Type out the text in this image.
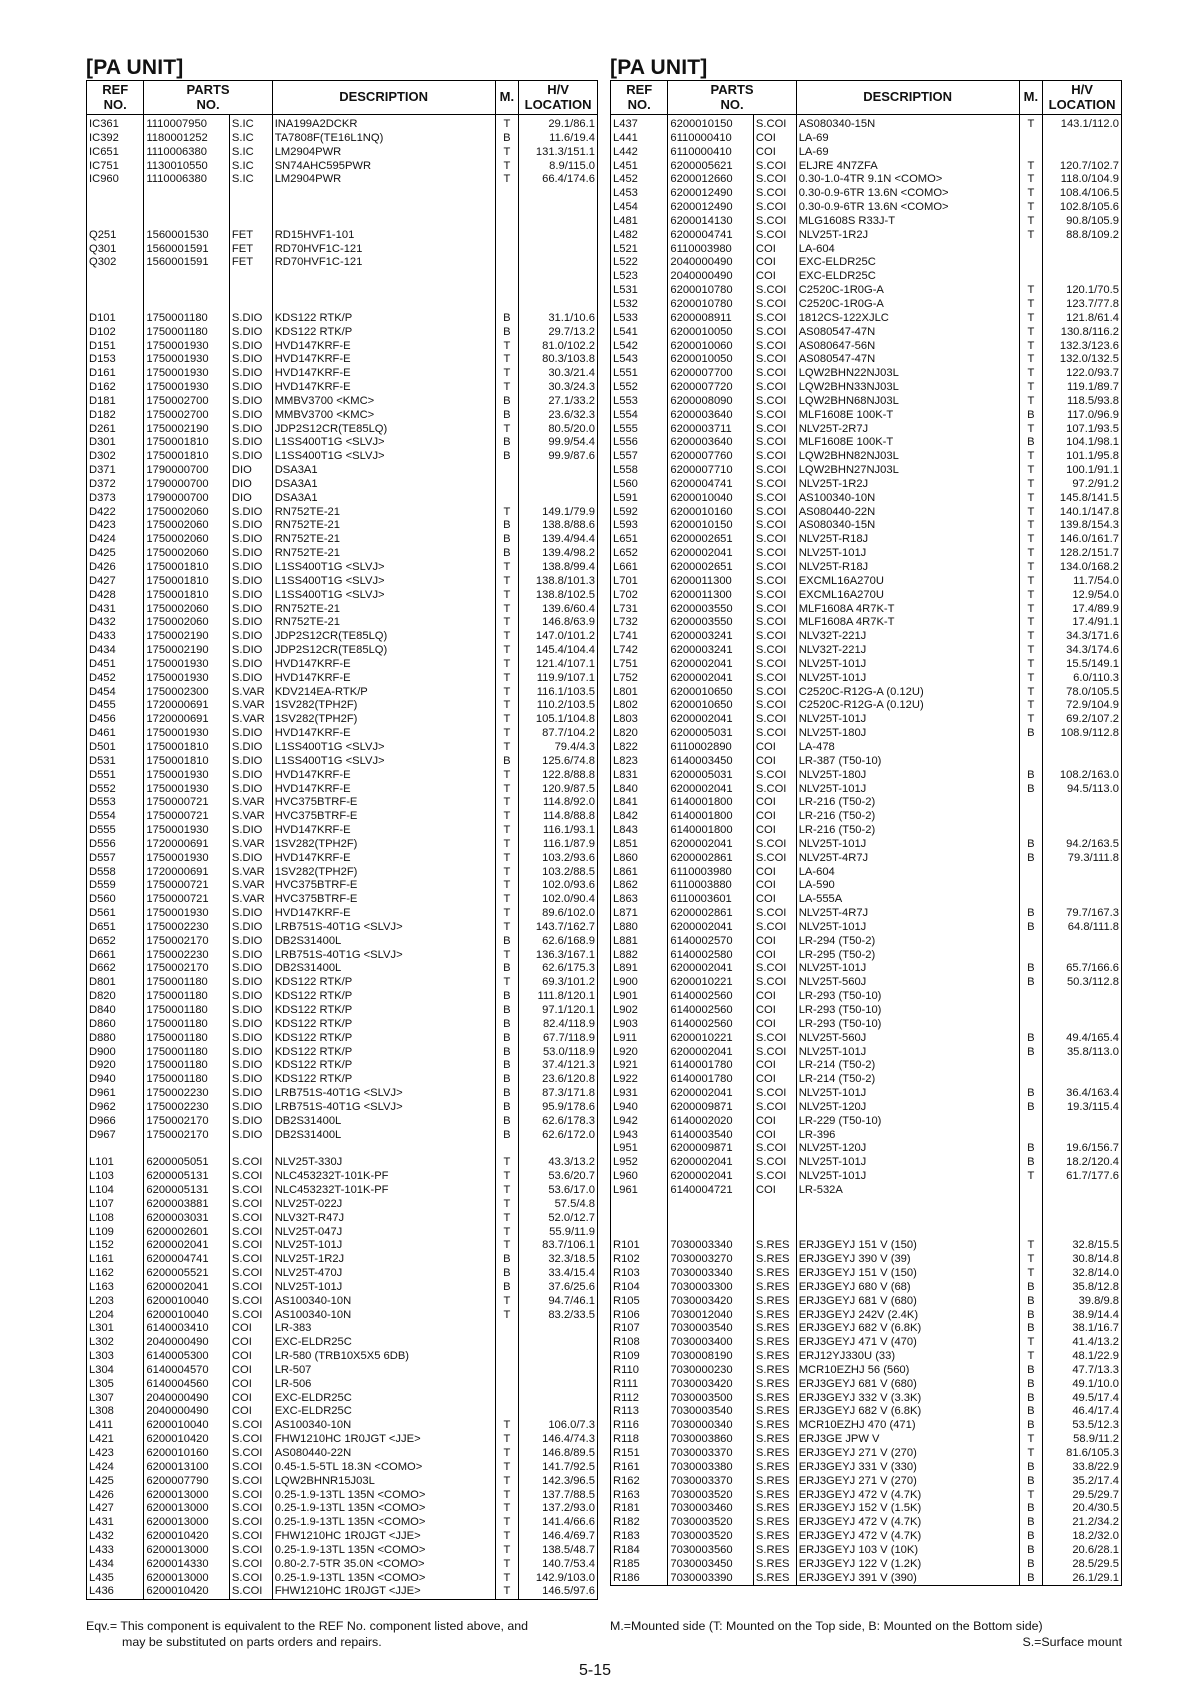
[PA UNIT]
REF
NO.	PARTS
NO.		DESCRIPTION	M.	H/V
LOCATION
IC361	1110007950	S.IC	INA199A2DCKR	T	29.1/86.1
IC392	1180001252	S.IC	TA7808F(TE16L1NQ)	B	11.6/19.4
IC651	1110006380	S.IC	LM2904PWR	T	131.3/151.1
IC751	1130010550	S.IC	SN74AHC595PWR	T	8.9/115.0
IC960	1110006380	S.IC	LM2904PWR	T	66.4/174.6

Q251	1560001530	FET	RD15HVF1-101		
Q301	1560001591	FET	RD70HVF1C-121		
Q302	1560001591	FET	RD70HVF1C-121		

D101	1750001180	S.DIO	KDS122 RTK/P	B	31.1/10.6
D102	1750001180	S.DIO	KDS122 RTK/P	B	29.7/13.2
D151	1750001930	S.DIO	HVD147KRF-E	T	81.0/102.2
D153	1750001930	S.DIO	HVD147KRF-E	T	80.3/103.8
D161	1750001930	S.DIO	HVD147KRF-E	T	30.3/21.4
D162	1750001930	S.DIO	HVD147KRF-E	T	30.3/24.3
D181	1750002700	S.DIO	MMBV3700 <KMC>	B	27.1/33.2
D182	1750002700	S.DIO	MMBV3700 <KMC>	B	23.6/32.3
D261	1750002190	S.DIO	JDP2S12CR(TE85LQ)	T	80.5/20.0
D301	1750001810	S.DIO	L1SS400T1G <SLVJ>	B	99.9/54.4
D302	1750001810	S.DIO	L1SS400T1G <SLVJ>	B	99.9/87.6
D371	1790000700	DIO	DSA3A1		
D372	1790000700	DIO	DSA3A1		
D373	1790000700	DIO	DSA3A1		
D422	1750002060	S.DIO	RN752TE-21	T	149.1/79.9
D423	1750002060	S.DIO	RN752TE-21	B	138.8/88.6
D424	1750002060	S.DIO	RN752TE-21	B	139.4/94.4
D425	1750002060	S.DIO	RN752TE-21	B	139.4/98.2
D426	1750001810	S.DIO	L1SS400T1G <SLVJ>	T	138.8/99.4
D427	1750001810	S.DIO	L1SS400T1G <SLVJ>	T	138.8/101.3
D428	1750001810	S.DIO	L1SS400T1G <SLVJ>	T	138.8/102.5
D431	1750002060	S.DIO	RN752TE-21	T	139.6/60.4
D432	1750002060	S.DIO	RN752TE-21	T	146.8/63.9
D433	1750002190	S.DIO	JDP2S12CR(TE85LQ)	T	147.0/101.2
D434	1750002190	S.DIO	JDP2S12CR(TE85LQ)	T	145.4/104.4
D451	1750001930	S.DIO	HVD147KRF-E	T	121.4/107.1
D452	1750001930	S.DIO	HVD147KRF-E	T	119.9/107.1
D454	1750002300	S.VAR	KDV214EA-RTK/P	T	116.1/103.5
D455	1720000691	S.VAR	1SV282(TPH2F)	T	110.2/103.5
D456	1720000691	S.VAR	1SV282(TPH2F)	T	105.1/104.8
D461	1750001930	S.DIO	HVD147KRF-E	T	87.7/104.2
D501	1750001810	S.DIO	L1SS400T1G <SLVJ>	T	79.4/4.3
D531	1750001810	S.DIO	L1SS400T1G <SLVJ>	B	125.6/74.8
D551	1750001930	S.DIO	HVD147KRF-E	T	122.8/88.8
D552	1750001930	S.DIO	HVD147KRF-E	T	120.9/87.5
D553	1750000721	S.VAR	HVC375BTRF-E	T	114.8/92.0
D554	1750000721	S.VAR	HVC375BTRF-E	T	114.8/88.8
D555	1750001930	S.DIO	HVD147KRF-E	T	116.1/93.1
D556	1720000691	S.VAR	1SV282(TPH2F)	T	116.1/87.9
D557	1750001930	S.DIO	HVD147KRF-E	T	103.2/93.6
D558	1720000691	S.VAR	1SV282(TPH2F)	T	103.2/88.5
D559	1750000721	S.VAR	HVC375BTRF-E	T	102.0/93.6
D560	1750000721	S.VAR	HVC375BTRF-E	T	102.0/90.4
D561	1750001930	S.DIO	HVD147KRF-E	T	89.6/102.0
D651	1750002230	S.DIO	LRB751S-40T1G <SLVJ>	T	143.7/162.7
D652	1750002170	S.DIO	DB2S31400L	B	62.6/168.9
D661	1750002230	S.DIO	LRB751S-40T1G <SLVJ>	T	136.3/167.1
D662	1750002170	S.DIO	DB2S31400L	B	62.6/175.3
D801	1750001180	S.DIO	KDS122 RTK/P	T	69.3/101.2
D820	1750001180	S.DIO	KDS122 RTK/P	B	111.8/120.1
D840	1750001180	S.DIO	KDS122 RTK/P	B	97.1/120.1
D860	1750001180	S.DIO	KDS122 RTK/P	B	82.4/118.9
D880	1750001180	S.DIO	KDS122 RTK/P	B	67.7/118.9
D900	1750001180	S.DIO	KDS122 RTK/P	B	53.0/118.9
D920	1750001180	S.DIO	KDS122 RTK/P	B	37.4/121.3
D940	1750001180	S.DIO	KDS122 RTK/P	B	23.6/120.8
D961	1750002230	S.DIO	LRB751S-40T1G <SLVJ>	B	87.3/171.8
D962	1750002230	S.DIO	LRB751S-40T1G <SLVJ>	B	95.9/178.6
D966	1750002170	S.DIO	DB2S31400L	B	62.6/178.3
D967	1750002170	S.DIO	DB2S31400L	B	62.6/172.0

L101	6200005051	S.COI	NLV25T-330J	T	43.3/13.2
L103	6200005131	S.COI	NLC453232T-101K-PF	T	53.6/20.7
L104	6200005131	S.COI	NLC453232T-101K-PF	T	53.6/17.0
L107	6200003881	S.COI	NLV25T-022J	T	57.5/4.8
L108	6200003031	S.COI	NLV32T-R47J	T	52.0/12.7
L109	6200002601	S.COI	NLV25T-047J	T	55.9/11.9
L152	6200002041	S.COI	NLV25T-101J	T	83.7/106.1
L161	6200004741	S.COI	NLV25T-1R2J	B	32.3/18.5
L162	6200005521	S.COI	NLV25T-470J	B	33.4/15.4
L163	6200002041	S.COI	NLV25T-101J	B	37.6/25.6
L203	6200010040	S.COI	AS100340-10N	T	94.7/46.1
L204	6200010040	S.COI	AS100340-10N	T	83.2/33.5
L301	6140003410	COI	LR-383		
L302	2040000490	COI	EXC-ELDR25C		
L303	6140005300	COI	LR-580 (TRB10X5X5 6DB)		
L304	6140004570	COI	LR-507		
L305	6140004560	COI	LR-506		
L307	2040000490	COI	EXC-ELDR25C		
L308	2040000490	COI	EXC-ELDR25C		
L411	6200010040	S.COI	AS100340-10N	T	106.0/7.3
L421	6200010420	S.COI	FHW1210HC 1R0JGT <JJE>	T	146.4/74.3
L423	6200010160	S.COI	AS080440-22N	T	146.8/89.5
L424	6200013100	S.COI	0.45-1.5-5TL 18.3N <COMO>	T	141.7/92.5
L425	6200007790	S.COI	LQW2BHNR15J03L	T	142.3/96.5
L426	6200013000	S.COI	0.25-1.9-13TL 135N <COMO>	T	137.7/88.5
L427	6200013000	S.COI	0.25-1.9-13TL 135N <COMO>	T	137.2/93.0
L431	6200013000	S.COI	0.25-1.9-13TL 135N <COMO>	T	141.4/66.6
L432	6200010420	S.COI	FHW1210HC 1R0JGT <JJE>	T	146.4/69.7
L433	6200013000	S.COI	0.25-1.9-13TL 135N <COMO>	T	138.5/48.7
L434	6200014330	S.COI	0.80-2.7-5TR 35.0N <COMO>	T	140.7/53.4
L435	6200013000	S.COI	0.25-1.9-13TL 135N <COMO>	T	142.9/103.0
L436	6200010420	S.COI	FHW1210HC 1R0JGT <JJE>	T	146.5/97.6
[PA UNIT]
REF
NO.	PARTS
NO.		DESCRIPTION	M.	H/V
LOCATION
L437	6200010150	S.COI	AS080340-15N	T	143.1/112.0
L441	6110000410	COI	LA-69		
L442	6110000410	COI	LA-69		
L451	6200005621	S.COI	ELJRE 4N7ZFA	T	120.7/102.7
L452	6200012660	S.COI	0.30-1.0-4TR 9.1N <COMO>	T	118.0/104.9
L453	6200012490	S.COI	0.30-0.9-6TR 13.6N <COMO>	T	108.4/106.5
L454	6200012490	S.COI	0.30-0.9-6TR 13.6N <COMO>	T	102.8/105.6
L481	6200014130	S.COI	MLG1608S R33J-T	T	90.8/105.9
L482	6200004741	S.COI	NLV25T-1R2J	T	88.8/109.2
L521	6110003980	COI	LA-604		
L522	2040000490	COI	EXC-ELDR25C		
L523	2040000490	COI	EXC-ELDR25C		
L531	6200010780	S.COI	C2520C-1R0G-A	T	120.1/70.5
L532	6200010780	S.COI	C2520C-1R0G-A	T	123.7/77.8
L533	6200008911	S.COI	1812CS-122XJLC	T	121.8/61.4
L541	6200010050	S.COI	AS080547-47N	T	130.8/116.2
L542	6200010060	S.COI	AS080647-56N	T	132.3/123.6
L543	6200010050	S.COI	AS080547-47N	T	132.0/132.5
L551	6200007700	S.COI	LQW2BHN22NJ03L	T	122.0/93.7
L552	6200007720	S.COI	LQW2BHN33NJ03L	T	119.1/89.7
L553	6200008090	S.COI	LQW2BHN68NJ03L	T	118.5/93.8
L554	6200003640	S.COI	MLF1608E 100K-T	B	117.0/96.9
L555	6200003711	S.COI	NLV25T-2R7J	T	107.1/93.5
L556	6200003640	S.COI	MLF1608E 100K-T	B	104.1/98.1
L557	6200007760	S.COI	LQW2BHN82NJ03L	T	101.1/95.8
L558	6200007710	S.COI	LQW2BHN27NJ03L	T	100.1/91.1
L560	6200004741	S.COI	NLV25T-1R2J	T	97.2/91.2
L591	6200010040	S.COI	AS100340-10N	T	145.8/141.5
L592	6200010160	S.COI	AS080440-22N	T	140.1/147.8
L593	6200010150	S.COI	AS080340-15N	T	139.8/154.3
L651	6200002651	S.COI	NLV25T-R18J	T	146.0/161.7
L652	6200002041	S.COI	NLV25T-101J	T	128.2/151.7
L661	6200002651	S.COI	NLV25T-R18J	T	134.0/168.2
L701	6200011300	S.COI	EXCML16A270U	T	11.7/54.0
L702	6200011300	S.COI	EXCML16A270U	T	12.9/54.0
L731	6200003550	S.COI	MLF1608A 4R7K-T	T	17.4/89.9
L732	6200003550	S.COI	MLF1608A 4R7K-T	T	17.4/91.1
L741	6200003241	S.COI	NLV32T-221J	T	34.3/171.6
L742	6200003241	S.COI	NLV32T-221J	T	34.3/174.6
L751	6200002041	S.COI	NLV25T-101J	T	15.5/149.1
L752	6200002041	S.COI	NLV25T-101J	T	6.0/110.3
L801	6200010650	S.COI	C2520C-R12G-A (0.12U)	T	78.0/105.5
L802	6200010650	S.COI	C2520C-R12G-A (0.12U)	T	72.9/104.9
L803	6200002041	S.COI	NLV25T-101J	T	69.2/107.2
L820	6200005031	S.COI	NLV25T-180J	B	108.9/112.8
L822	6110002890	COI	LA-478		
L823	6140003450	COI	LR-387 (T50-10)		
L831	6200005031	S.COI	NLV25T-180J	B	108.2/163.0
L840	6200002041	S.COI	NLV25T-101J	B	94.5/113.0
L841	6140001800	COI	LR-216 (T50-2)		
L842	6140001800	COI	LR-216 (T50-2)		
L843	6140001800	COI	LR-216 (T50-2)		
L851	6200002041	S.COI	NLV25T-101J	B	94.2/163.5
L860	6200002861	S.COI	NLV25T-4R7J	B	79.3/111.8
L861	6110003980	COI	LA-604		
L862	6110003880	COI	LA-590		
L863	6110003601	COI	LA-555A		
L871	6200002861	S.COI	NLV25T-4R7J	B	79.7/167.3
L880	6200002041	S.COI	NLV25T-101J	B	64.8/111.8
L881	6140002570	COI	LR-294 (T50-2)		
L882	6140002580	COI	LR-295 (T50-2)		
L891	6200002041	S.COI	NLV25T-101J	B	65.7/166.6
L900	6200010221	S.COI	NLV25T-560J	B	50.3/112.8
L901	6140002560	COI	LR-293 (T50-10)		
L902	6140002560	COI	LR-293 (T50-10)		
L903	6140002560	COI	LR-293 (T50-10)		
L911	6200010221	S.COI	NLV25T-560J	B	49.4/165.4
L920	6200002041	S.COI	NLV25T-101J	B	35.8/113.0
L921	6140001780	COI	LR-214 (T50-2)		
L922	6140001780	COI	LR-214 (T50-2)		
L931	6200002041	S.COI	NLV25T-101J	B	36.4/163.4
L940	6200009871	S.COI	NLV25T-120J	B	19.3/115.4
L942	6140002020	COI	LR-229 (T50-10)		
L943	6140003540	COI	LR-396		
L951	6200009871	S.COI	NLV25T-120J	B	19.6/156.7
L952	6200002041	S.COI	NLV25T-101J	B	18.2/120.4
L960	6200002041	S.COI	NLV25T-101J	T	61.7/177.6
L961	6140004721	COI	LR-532A		

R101	7030003340	S.RES	ERJ3GEYJ 151 V (150)	T	32.8/15.5
R102	7030003270	S.RES	ERJ3GEYJ 390 V (39)	T	30.8/14.8
R103	7030003340	S.RES	ERJ3GEYJ 151 V (150)	T	32.8/14.0
R104	7030003300	S.RES	ERJ3GEYJ 680 V (68)	B	35.8/12.8
R105	7030003420	S.RES	ERJ3GEYJ 681 V (680)	B	39.8/9.8
R106	7030012040	S.RES	ERJ3GEYJ 242V (2.4K)	B	38.9/14.4
R107	7030003540	S.RES	ERJ3GEYJ 682 V (6.8K)	B	38.1/16.7
R108	7030003400	S.RES	ERJ3GEYJ 471 V (470)	T	41.4/13.2
R109	7030008190	S.RES	ERJ12YJ330U (33)	T	48.1/22.9
R110	7030000230	S.RES	MCR10EZHJ 56 (560)	B	47.7/13.3
R111	7030003420	S.RES	ERJ3GEYJ 681 V (680)	B	49.1/10.0
R112	7030003500	S.RES	ERJ3GEYJ 332 V (3.3K)	B	49.5/17.4
R113	7030003540	S.RES	ERJ3GEYJ 682 V (6.8K)	B	46.4/17.4
R116	7030000340	S.RES	MCR10EZHJ 470 (471)	B	53.5/12.3
R118	7030003860	S.RES	ERJ3GE JPW V	T	58.9/11.2
R151	7030003370	S.RES	ERJ3GEYJ 271 V (270)	T	81.6/105.3
R161	7030003380	S.RES	ERJ3GEYJ 331 V (330)	B	33.8/22.9
R162	7030003370	S.RES	ERJ3GEYJ 271 V (270)	B	35.2/17.4
R163	7030003520	S.RES	ERJ3GEYJ 472 V (4.7K)	T	29.5/29.7
R181	7030003460	S.RES	ERJ3GEYJ 152 V (1.5K)	B	20.4/30.5
R182	7030003520	S.RES	ERJ3GEYJ 472 V (4.7K)	B	21.2/34.2
R183	7030003520	S.RES	ERJ3GEYJ 472 V (4.7K)	B	18.2/32.0
R184	7030003560	S.RES	ERJ3GEYJ 103 V (10K)	B	20.6/28.1
R185	7030003450	S.RES	ERJ3GEYJ 122 V (1.2K)	B	28.5/29.5
R186	7030003390	S.RES	ERJ3GEYJ 391 V (390)	B	26.1/29.1
Eqv.= This component is equivalent to the REF No. component listed above, and
may be substituted on parts orders and repairs.
M.=Mounted side (T: Mounted on the Top side, B: Mounted on the Bottom side)
S.=Surface mount
5-15
